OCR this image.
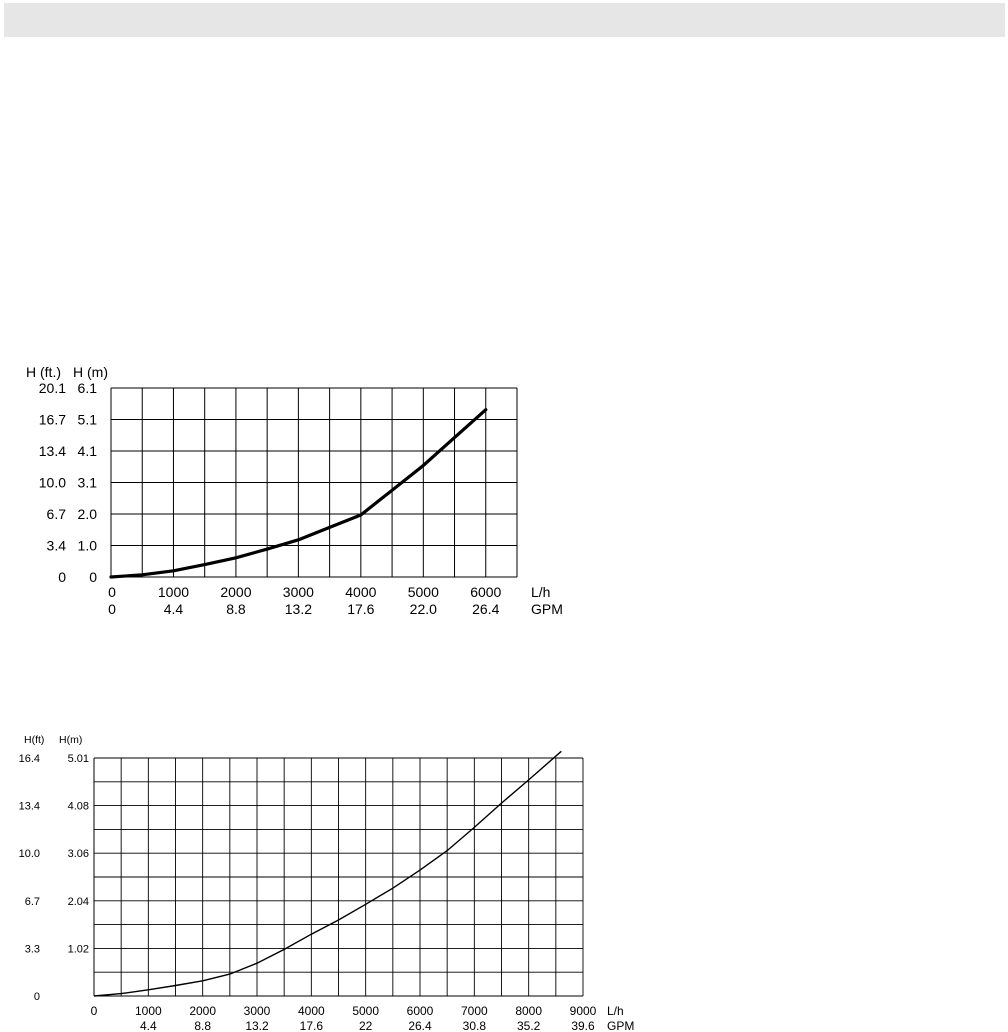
H (ft.) H (m)
L/h
GPM
0 0
3.4 1.0
6.7 2.0
10.0 3.1
13.4 4.1
16.7 5.1
20.1 6.1
0
0
1000
4.4
2000
8.8
3000
13.2
4000
17.6
5000
22.0
6000
26.4
H(ft) H(m)
L/h
GPM
0
3.3	1.02
6.7	2.04
10.0	3.06
13.4	4.08
16.4	5.01
0	1000
4.4
2000
8.8
3000
13.2
4000
17.6
5000
22
6000
26.4
7000
30.8
8000
35.2
9000
39.6
